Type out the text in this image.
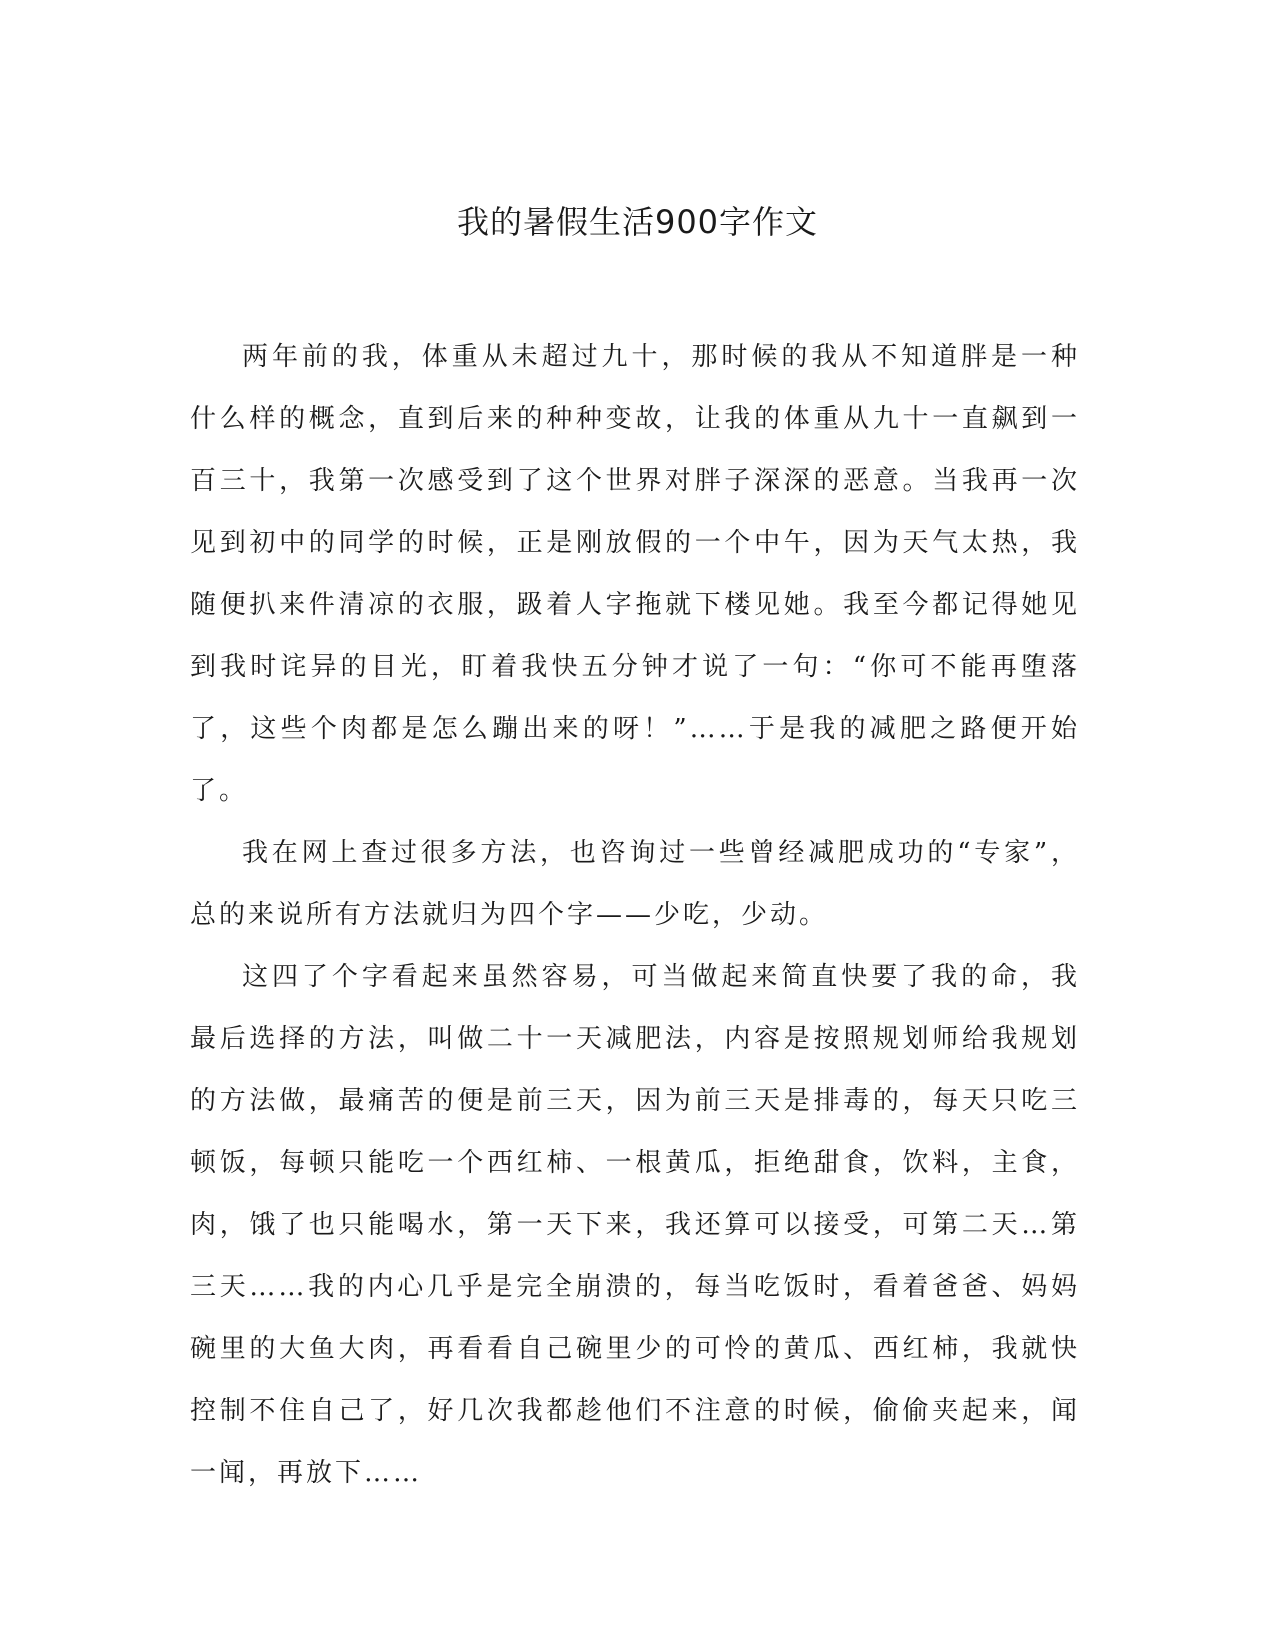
我的暑假生活900字作文

两年前的我，体重从未超过九十，那时候的我从不知道胖是一种什么样的概念，直到后来的种种变故，让我的体重从九十一直飙到一百三十，我第一次感受到了这个世界对胖子深深的恶意。当我再一次见到初中的同学的时候，正是刚放假的一个中午，因为天气太热，我随便扒来件清凉的衣服，趿着人字拖就下楼见她。我至今都记得她见到我时诧异的目光，盯着我快五分钟才说了一句：“你可不能再堕落了，这些个肉都是怎么蹦出来的呀！”……于是我的减肥之路便开始了。

我在网上查过很多方法，也咨询过一些曾经减肥成功的“专家”，总的来说所有方法就归为四个字——少吃，少动。

这四了个字看起来虽然容易，可当做起来简直快要了我的命，我最后选择的方法，叫做二十一天减肥法，内容是按照规划师给我规划的方法做，最痛苦的便是前三天，因为前三天是排毒的，每天只吃三顿饭，每顿只能吃一个西红柿、一根黄瓜，拒绝甜食，饮料，主食，肉，饿了也只能喝水，第一天下来，我还算可以接受，可第二天…第三天……我的内心几乎是完全崩溃的，每当吃饭时，看着爸爸、妈妈碗里的大鱼大肉，再看看自己碗里少的可怜的黄瓜、西红柿，我就快控制不住自己了，好几次我都趁他们不注意的时候，偷偷夹起来，闻一闻，再放下……
